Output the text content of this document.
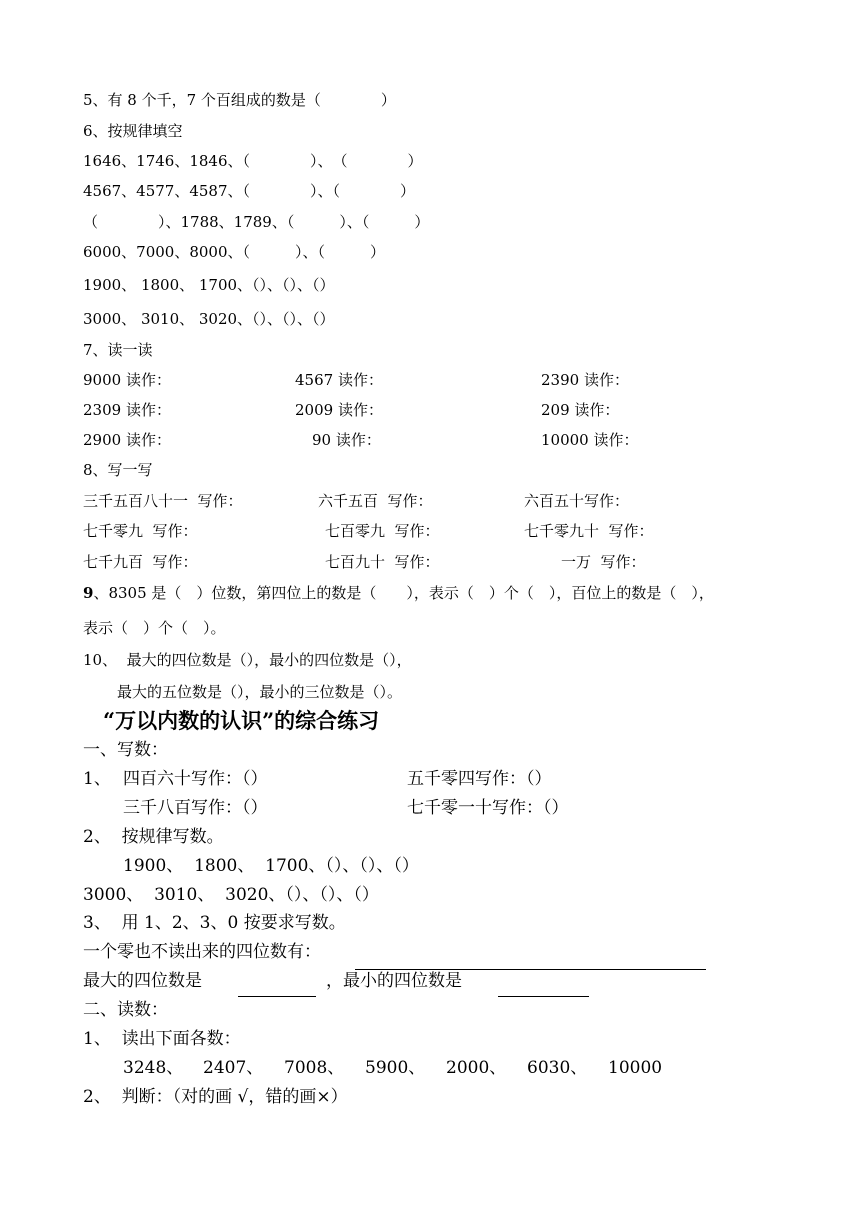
5、有 8 个千，7 个百组成的数是（　　　　）
6、按规律填空
1646、1746、1846、（　　　　）、　（　　　　）
4567、4577、4587、（　　　　）、（　　　　）
（　　　　）、1788、1789、（　　　）、（　　　）
6000、7000、8000、（　　　）、（　　　）
1900、 1800、 1700、（）、（）、（）
3000、 3010、 3020、（）、（）、（）
7、读一读
9000 读作：	4567 读作：	2390 读作：
2309 读作：	2009 读作：	209 读作：
2900 读作：	90 读作：	10000 读作：
8、写一写
三千五百八十一  写作：	六千五百  写作：	六百五十写作：
七千零九  写作：	七百零九  写作：	七千零九十  写作：
七千九百  写作：	七百九十  写作：	一万  写作：
9、8305 是（　）位数，第四位上的数是（　　），表示（　）个（　），百位上的数是（　），
表示（　）个（　）。
10、  最大的四位数是（），最小的四位数是（），
最大的五位数是（），最小的三位数是（）。
“万以内数的认识”的综合练习
一、写数：
1、 四百六十写作：（）	五千零四写作：（）
三千八百写作：（）	七千零一十写作：（）
2、  按规律写数。
1900、  1800、  1700、（）、（）、（）
3000、  3010、  3020、（）、（）、（）
3、  用 1、2、3、0 按要求写数。
一个零也不读出来的四位数有：
最大的四位数是	，最小的四位数是
二、读数：
1、  读出下面各数：
3248、 2407、 7008、 5900、 2000、 6030、 10000
2、  判断：（对的画 √，错的画×）
